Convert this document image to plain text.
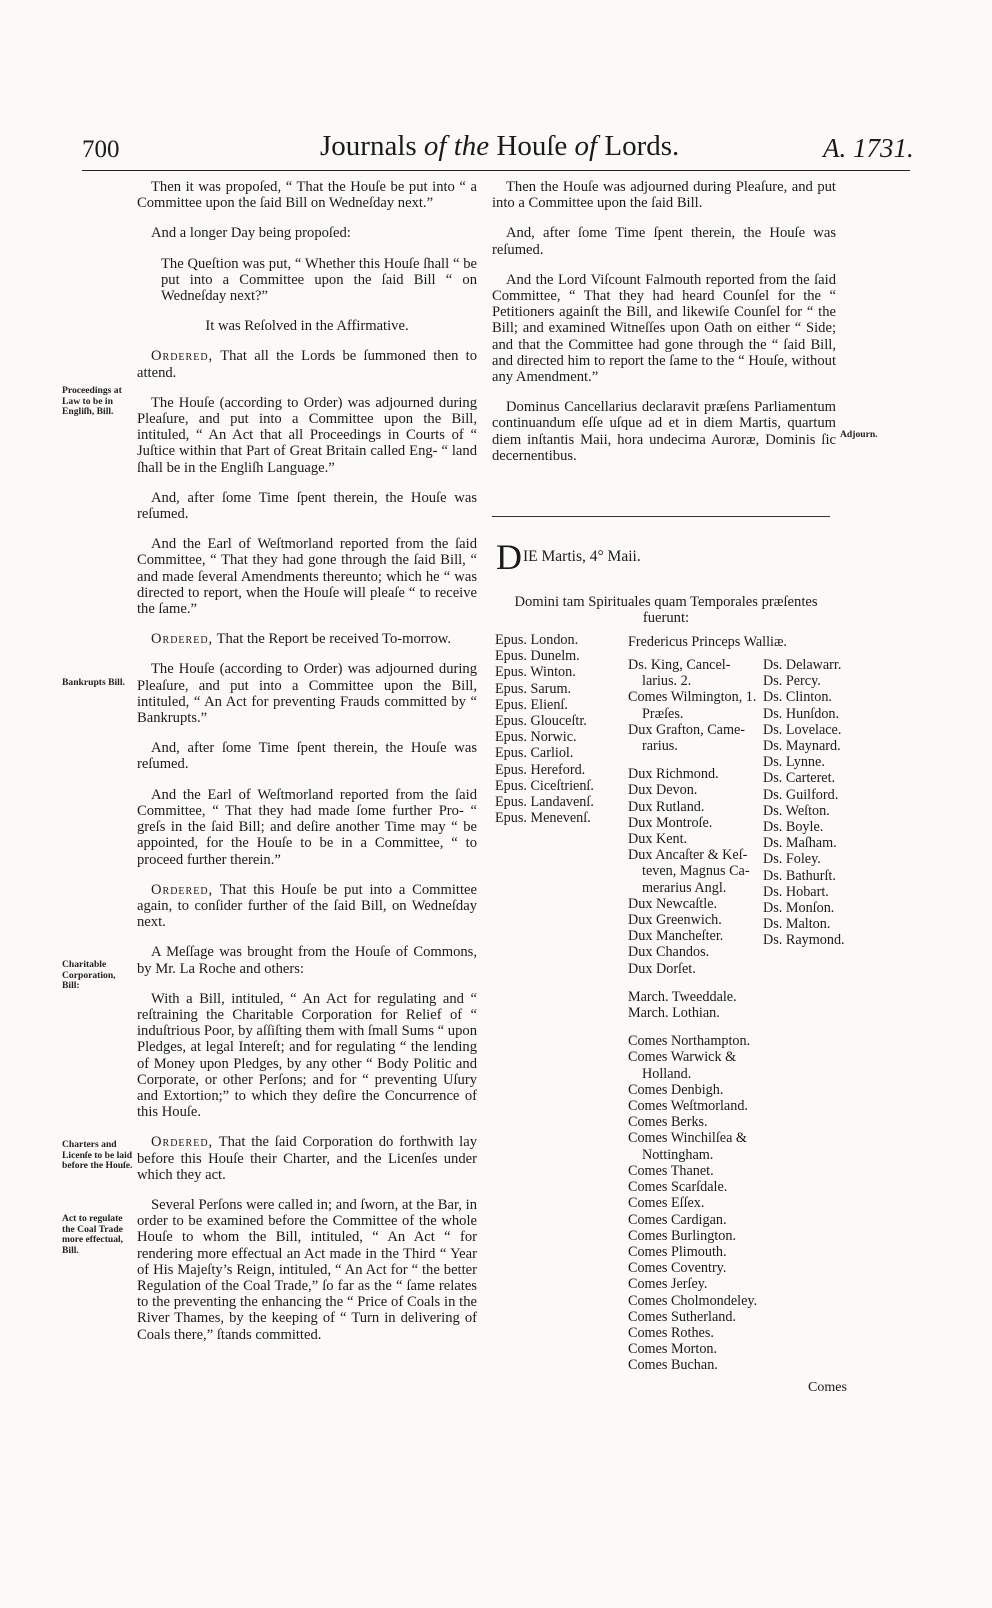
700	Journals of the Houſe of Lords.	A. 1731.

Then it was propoſed, “ That the Houſe be put into “ a Committee upon the ſaid Bill on Wedneſday next.”

And a longer Day being propoſed:

The Queſtion was put, “ Whether this Houſe ſhall “ be put into a Committee upon the ſaid Bill “ on Wedneſday next?”

It was Reſolved in the Affirmative.

Ordered, That all the Lords be ſummoned then to attend.

The Houſe (according to Order) was adjourned during Pleaſure, and put into a Committee upon the Bill, intituled, “ An Act that all Proceedings in Courts of “ Juſtice within that Part of Great Britain called Eng- “ land ſhall be in the Engliſh Language.”

And, after ſome Time ſpent therein, the Houſe was reſumed.

And the Earl of Weſtmorland reported from the ſaid Committee, “ That they had gone through the ſaid Bill, “ and made ſeveral Amendments thereunto; which he “ was directed to report, when the Houſe will pleaſe “ to receive the ſame.”

Ordered, That the Report be received To-morrow.

The Houſe (according to Order) was adjourned during Pleaſure, and put into a Committee upon the Bill, intituled, “ An Act for preventing Frauds committed by “ Bankrupts.”

And, after ſome Time ſpent therein, the Houſe was reſumed.

And the Earl of Weſtmorland reported from the ſaid Committee, “ That they had made ſome further Pro- “ greſs in the ſaid Bill; and deſire another Time may “ be appointed, for the Houſe to be in a Committee, “ to proceed further therein.”

Ordered, That this Houſe be put into a Committee again, to conſider further of the ſaid Bill, on Wedneſday next.

A Meſſage was brought from the Houſe of Commons, by Mr. La Roche and others:

With a Bill, intituled, “ An Act for regulating and “ reſtraining the Charitable Corporation for Relief of “ induſtrious Poor, by aſſiſting them with ſmall Sums “ upon Pledges, at legal Intereſt; and for regulating “ the lending of Money upon Pledges, by any other “ Body Politic and Corporate, or other Perſons; and for “ preventing Uſury and Extortion;” to which they deſire the Concurrence of this Houſe.

Ordered, That the ſaid Corporation do forthwith lay before this Houſe their Charter, and the Licenſes under which they act.

Several Perſons were called in; and ſworn, at the Bar, in order to be examined before the Committee of the whole Houſe to whom the Bill, intituled, “ An Act “ for rendering more effectual an Act made in the Third “ Year of His Majeſty’s Reign, intituled, “ An Act for “ the better Regulation of the Coal Trade,” ſo far as the “ ſame relates to the preventing the enhancing the “ Price of Coals in the River Thames, by the keeping of “ Turn in delivering of Coals there,” ſtands committed.

Proceedings at Law to be in Engliſh, Bill.
Bankrupts Bill.
Charitable Corporation, Bill:
Charters and Licenſe to be laid before the Houſe.
Act to regulate the Coal Trade more effectual, Bill.
Adjourn.

Then the Houſe was adjourned during Pleaſure, and put into a Committee upon the ſaid Bill.

And, after ſome Time ſpent therein, the Houſe was reſumed.

And the Lord Viſcount Falmouth reported from the ſaid Committee, “ That they had heard Counſel for the “ Petitioners againſt the Bill, and likewiſe Counſel for “ the Bill; and examined Witneſſes upon Oath on either “ Side; and that the Committee had gone through the “ ſaid Bill, and directed him to report the ſame to the “ Houſe, without any Amendment.”

Dominus Cancellarius declaravit præſens Parliamentum continuandum eſſe uſque ad et in diem Martis, quartum diem inſtantis Maii, hora undecima Auroræ, Dominis ſic decernentibus.

DIE Martis, 4° Maii.
Domini tam Spirituales quam Temporales præſentes fuerunt:
Fredericus Princeps Walliæ.
Epus. London.
Epus. Dunelm.
Epus. Winton.
Epus. Sarum.
Epus. Elienſ.
Epus. Glouceſtr.
Epus. Norwic.
Epus. Carliol.
Epus. Hereford.
Epus. Ciceſtrienſ.
Epus. Landavenſ.
Epus. Menevenſ.
Ds. King, Cancel-
larius. 2.
Comes Wilmington, 1.
Præſes.
Dux Grafton, Came-
rarius.
Dux Richmond.
Dux Devon.
Dux Rutland.
Dux Montroſe.
Dux Kent.
Dux Ancaſter & Keſ-
teven, Magnus Ca-
merarius Angl.
Dux Newcaſtle.
Dux Greenwich.
Dux Mancheſter.
Dux Chandos.
Dux Dorſet.
March. Tweeddale.
March. Lothian.
Comes Northampton.
Comes Warwick &
Holland.
Comes Denbigh.
Comes Weſtmorland.
Comes Berks.
Comes Winchilſea &
Nottingham.
Comes Thanet.
Comes Scarſdale.
Comes Eſſex.
Comes Cardigan.
Comes Burlington.
Comes Plimouth.
Comes Coventry.
Comes Jerſey.
Comes Cholmondeley.
Comes Sutherland.
Comes Rothes.
Comes Morton.
Comes Buchan.
Ds. Delawarr.
Ds. Percy.
Ds. Clinton.
Ds. Hunſdon.
Ds. Lovelace.
Ds. Maynard.
Ds. Lynne.
Ds. Carteret.
Ds. Guilford.
Ds. Weſton.
Ds. Boyle.
Ds. Maſham.
Ds. Foley.
Ds. Bathurſt.
Ds. Hobart.
Ds. Monſon.
Ds. Malton.
Ds. Raymond.
Comes
